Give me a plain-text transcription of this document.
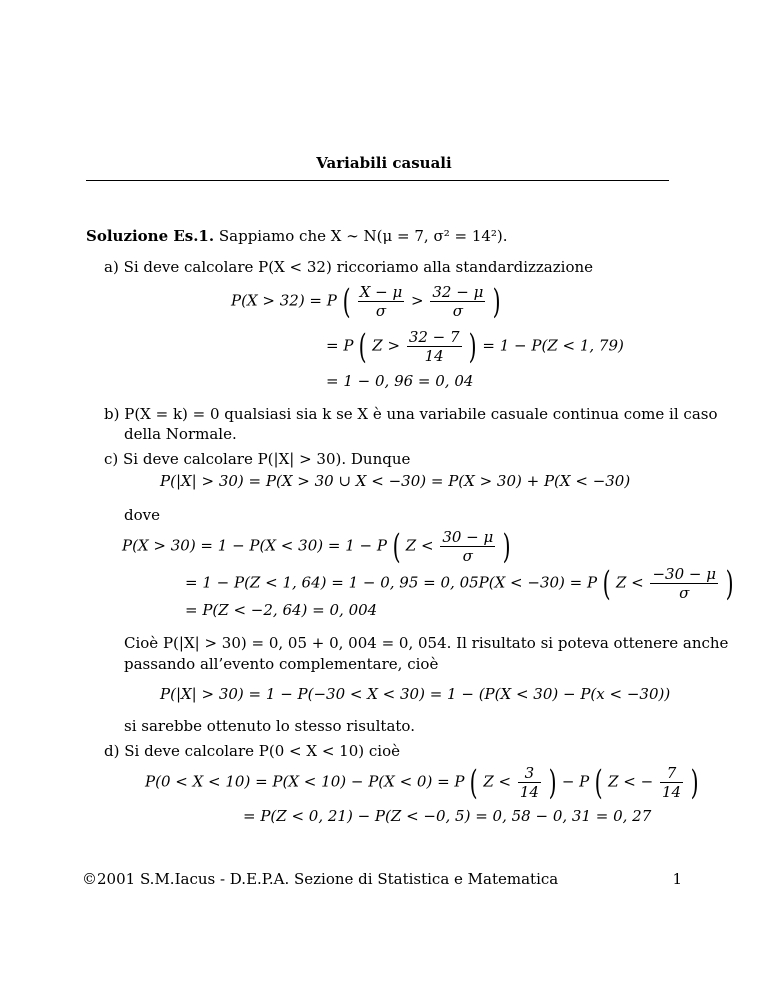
Variabili casuali
Soluzione Es.1. Sappiamo che X ∼ N(μ = 7, σ² = 14²).
a) Si deve calcolare P(X < 32) riccoriamo alla standardizzazione
P(X > 32) = P ( $\frac{X - \mu}{\sigma} > \frac{32 - \mu}{\sigma}$ )
= P ( $Z > \frac{32 - 7}{14}$ ) = 1 − P(Z < 1, 79)
= 1 − 0, 96 = 0, 04
b) P(X = k) = 0 qualsiasi sia k se X è una variabile casuale continua come il caso
della Normale.
c) Si deve calcolare P(|X| > 30). Dunque
P(|X| > 30) = P(X > 30 ∪ X < −30) = P(X > 30) + P(X < −30)
dove
P(X > 30) = 1 − P(X < 30) = 1 − P ( $Z < \frac{30 - \mu}{\sigma}$ )
= 1 − P(Z < 1, 64) = 1 − 0, 95 = 0, 05P(X < −30) = P ( $Z < \frac{-30 - \mu}{\sigma}$ )
= P(Z < −2, 64) = 0, 004
Cioè P(|X| > 30) = 0, 05 + 0, 004 = 0, 054. Il risultato si poteva ottenere anche
passando all’evento complementare, cioè
P(|X| > 30) = 1 − P(−30 < X < 30) = 1 − (P(X < 30) − P(x < −30))
si sarebbe ottenuto lo stesso risultato.
d) Si deve calcolare P(0 < X < 10) cioè
P(0 < X < 10) = P(X < 10) − P(X < 0) = P ( $Z < \frac{3}{14}$ ) − P ( Z < − $\frac{7}{14}$ )
= P(Z < 0, 21) − P(Z < −0, 5) = 0, 58 − 0, 31 = 0, 27
©2001 S.M.Iacus - D.E.P.A. Sezione di Statistica e Matematica	1
